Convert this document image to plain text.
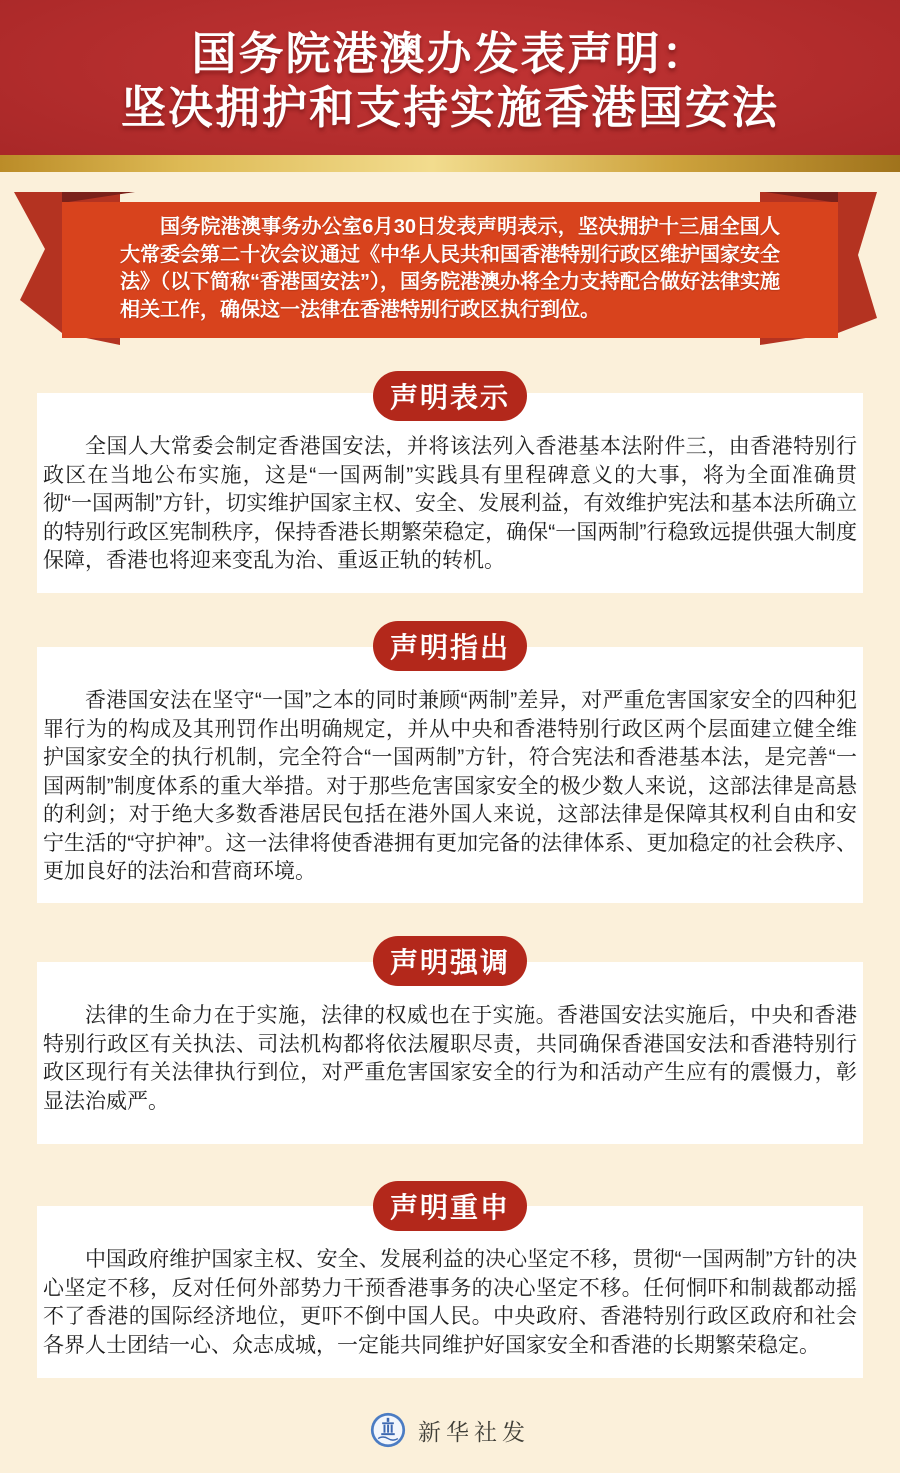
国务院港澳办发表声明：
坚决拥护和支持实施香港国安法

国务院港澳事务办公室6月30日发表声明表示，坚决拥护十三届全国人大常委会第二十次会议通过《中华人民共和国香港特别行政区维护国家安全法》（以下简称“香港国安法”），国务院港澳办将全力支持配合做好法律实施相关工作，确保这一法律在香港特别行政区执行到位。

全国人大常委会制定香港国安法，并将该法列入香港基本法附件三，由香港特别行政区在当地公布实施，这是“一国两制”实践具有里程碑意义的大事，将为全面准确贯彻“一国两制”方针，切实维护国家主权、安全、发展利益，有效维护宪法和基本法所确立的特别行政区宪制秩序，保持香港长期繁荣稳定，确保“一国两制”行稳致远提供强大制度保障，香港也将迎来变乱为治、重返正轨的转机。

声明表示

香港国安法在坚守“一国”之本的同时兼顾“两制”差异，对严重危害国家安全的四种犯罪行为的构成及其刑罚作出明确规定，并从中央和香港特别行政区两个层面建立健全维护国家安全的执行机制，完全符合“一国两制”方针，符合宪法和香港基本法，是完善“一国两制”制度体系的重大举措。对于那些危害国家安全的极少数人来说，这部法律是高悬的利剑；对于绝大多数香港居民包括在港外国人来说，这部法律是保障其权利自由和安宁生活的“守护神”。这一法律将使香港拥有更加完备的法律体系、更加稳定的社会秩序、更加良好的法治和营商环境。

声明指出

法律的生命力在于实施，法律的权威也在于实施。香港国安法实施后，中央和香港特别行政区有关执法、司法机构都将依法履职尽责，共同确保香港国安法和香港特别行政区现行有关法律执行到位，对严重危害国家安全的行为和活动产生应有的震慑力，彰显法治威严。

声明强调

中国政府维护国家主权、安全、发展利益的决心坚定不移，贯彻“一国两制”方针的决心坚定不移，反对任何外部势力干预香港事务的决心坚定不移。任何恫吓和制裁都动摇不了香港的国际经济地位，更吓不倒中国人民。中央政府、香港特别行政区政府和社会各界人士团结一心、众志成城，一定能共同维护好国家安全和香港的长期繁荣稳定。

声明重申
新华社发
